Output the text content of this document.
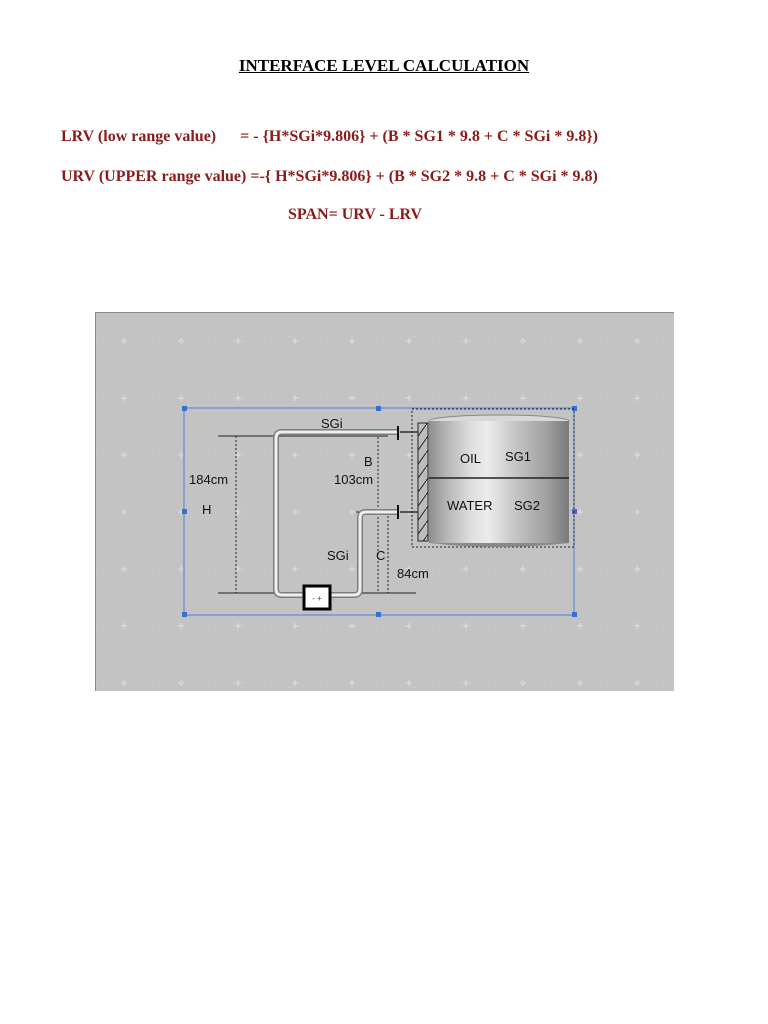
INTERFACE LEVEL CALCULATION

LRV (low range value)      = - {H*SGi*9.806} + (B * SG1 * 9.8 + C * SGi * 9.8})

URV (UPPER range value) =-{ H*SGi*9.806} + (B * SG2 * 9.8 + C * SGi * 9.8)

SPAN= URV - LRV

- +
SGi
184cm
H
B
103cm
SGi C
84cm
OIL SG1
WATER SG2
